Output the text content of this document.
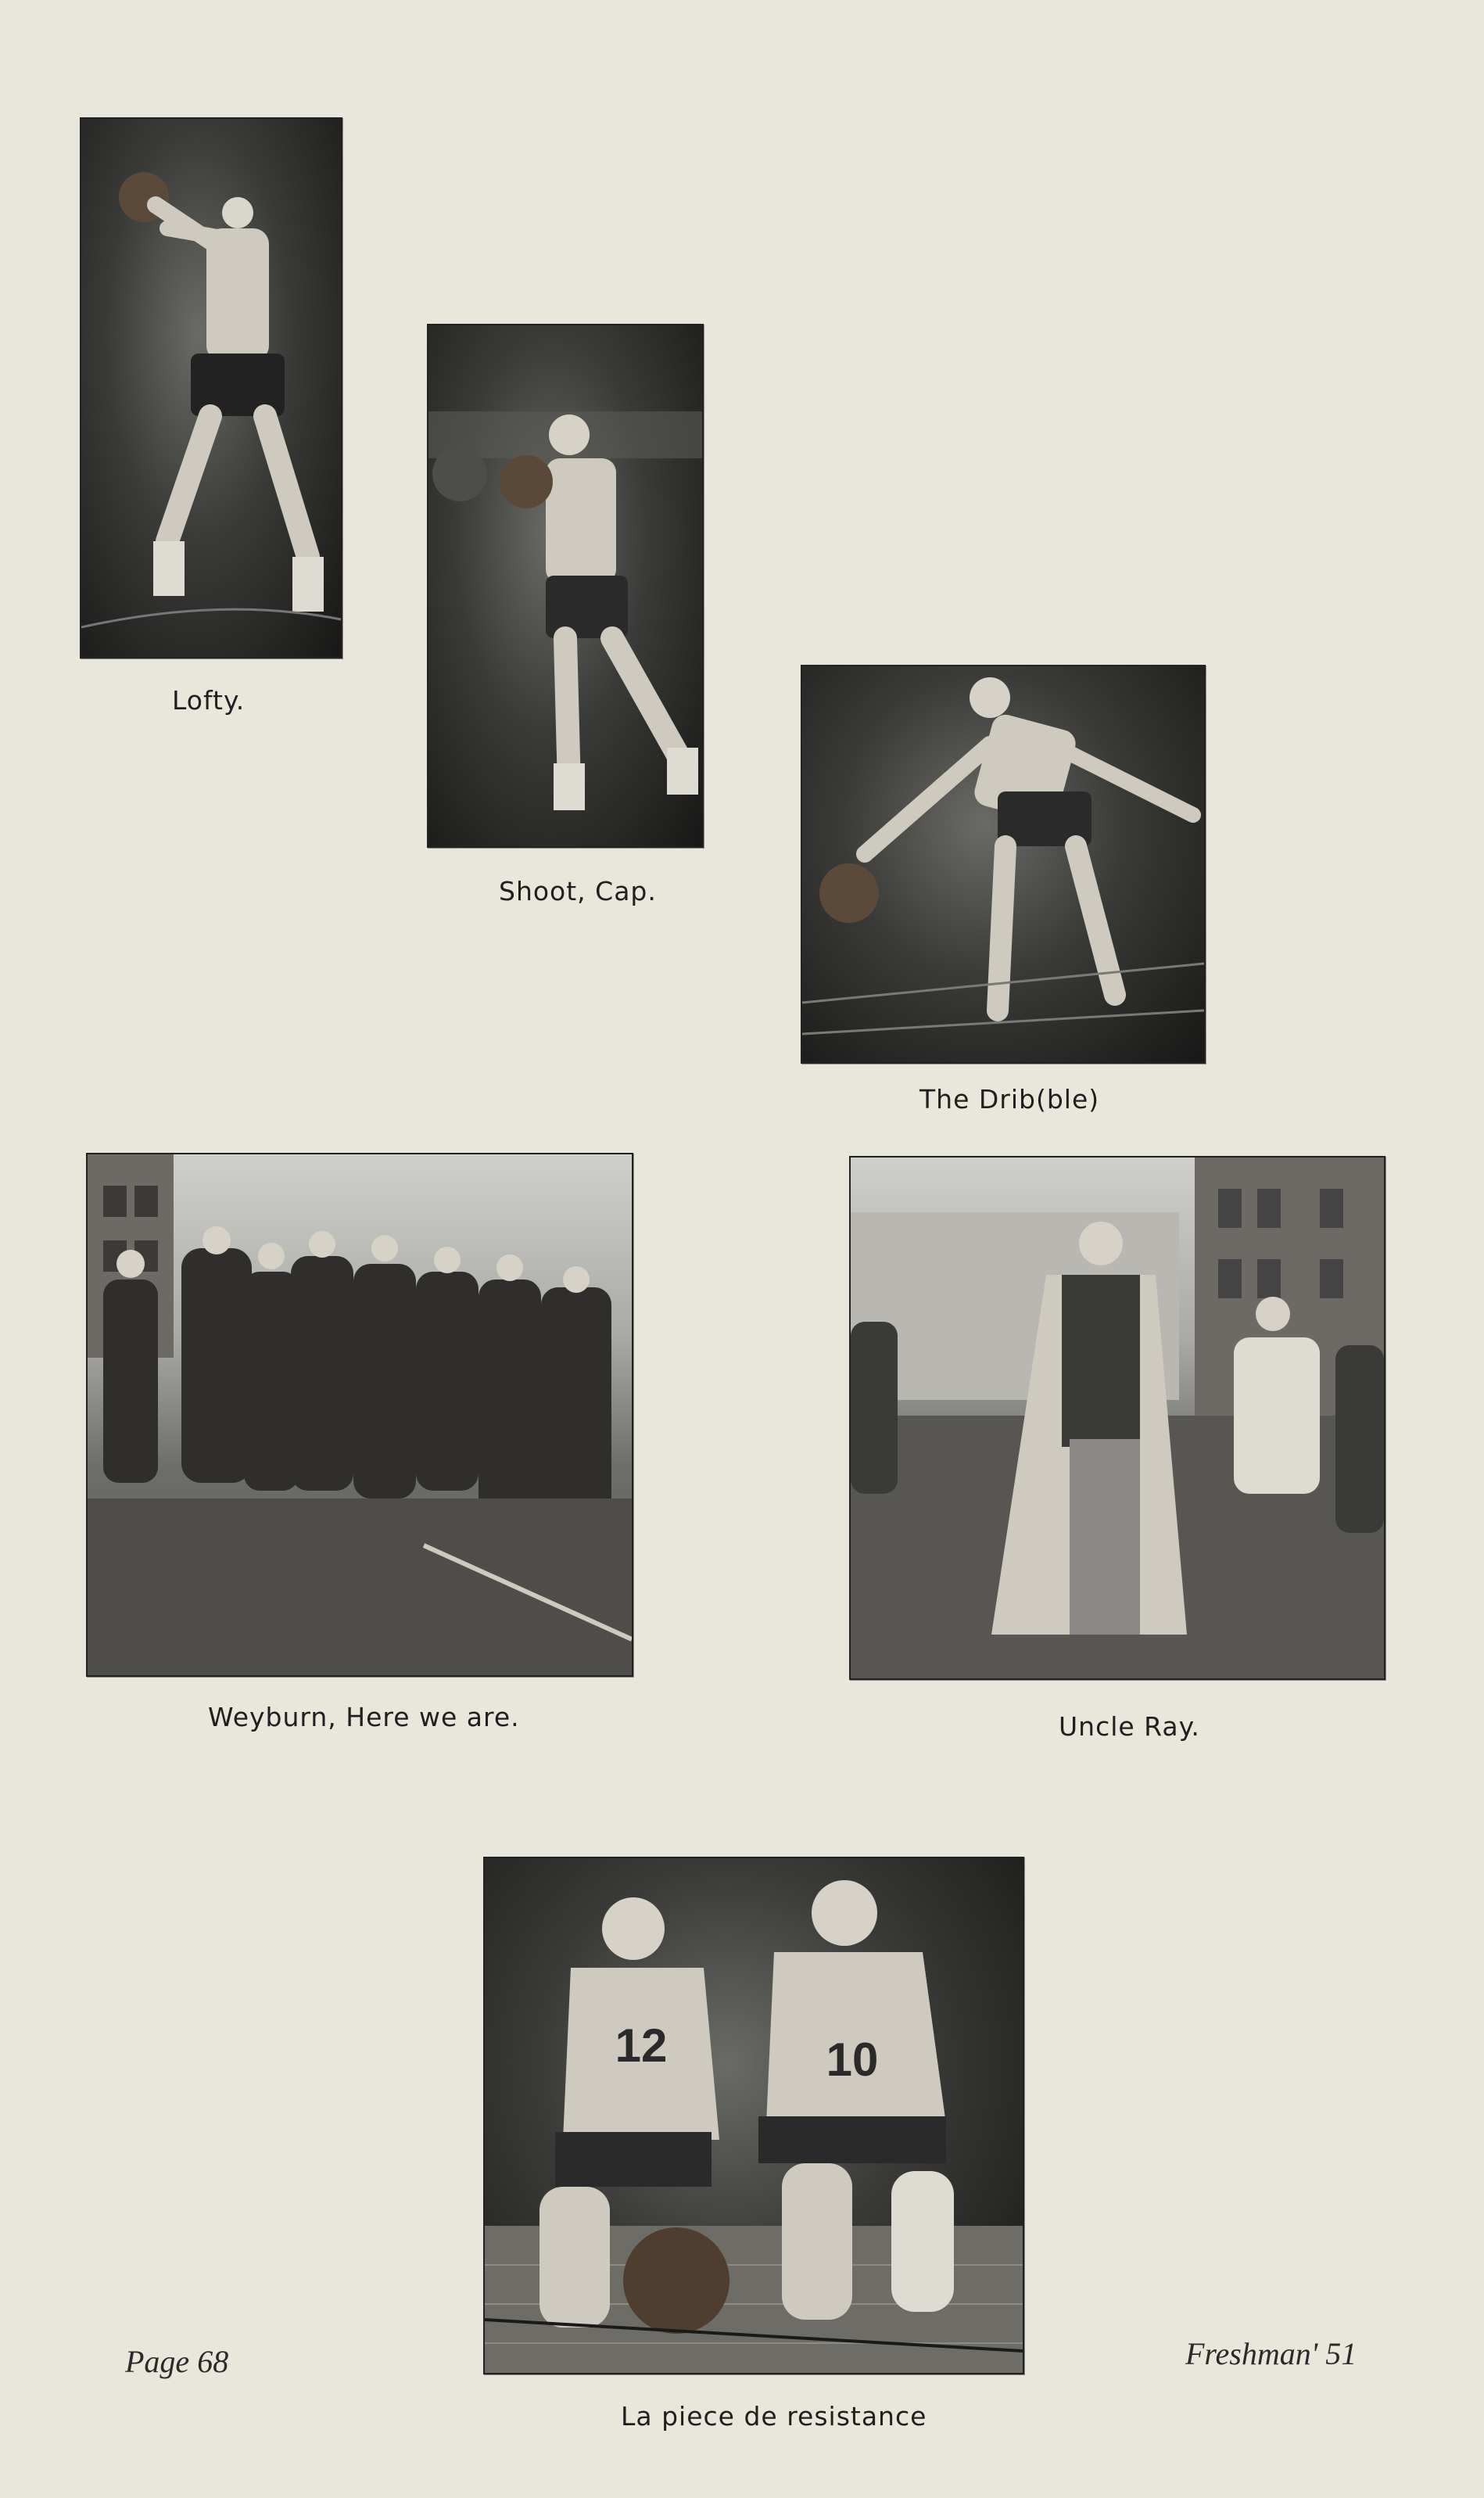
Lofty.
Shoot, Cap.
The Drib(ble)
Weyburn, Here we are.	Uncle Ray.
12	10
La piece de resistance
Page 68	Freshman' 51
